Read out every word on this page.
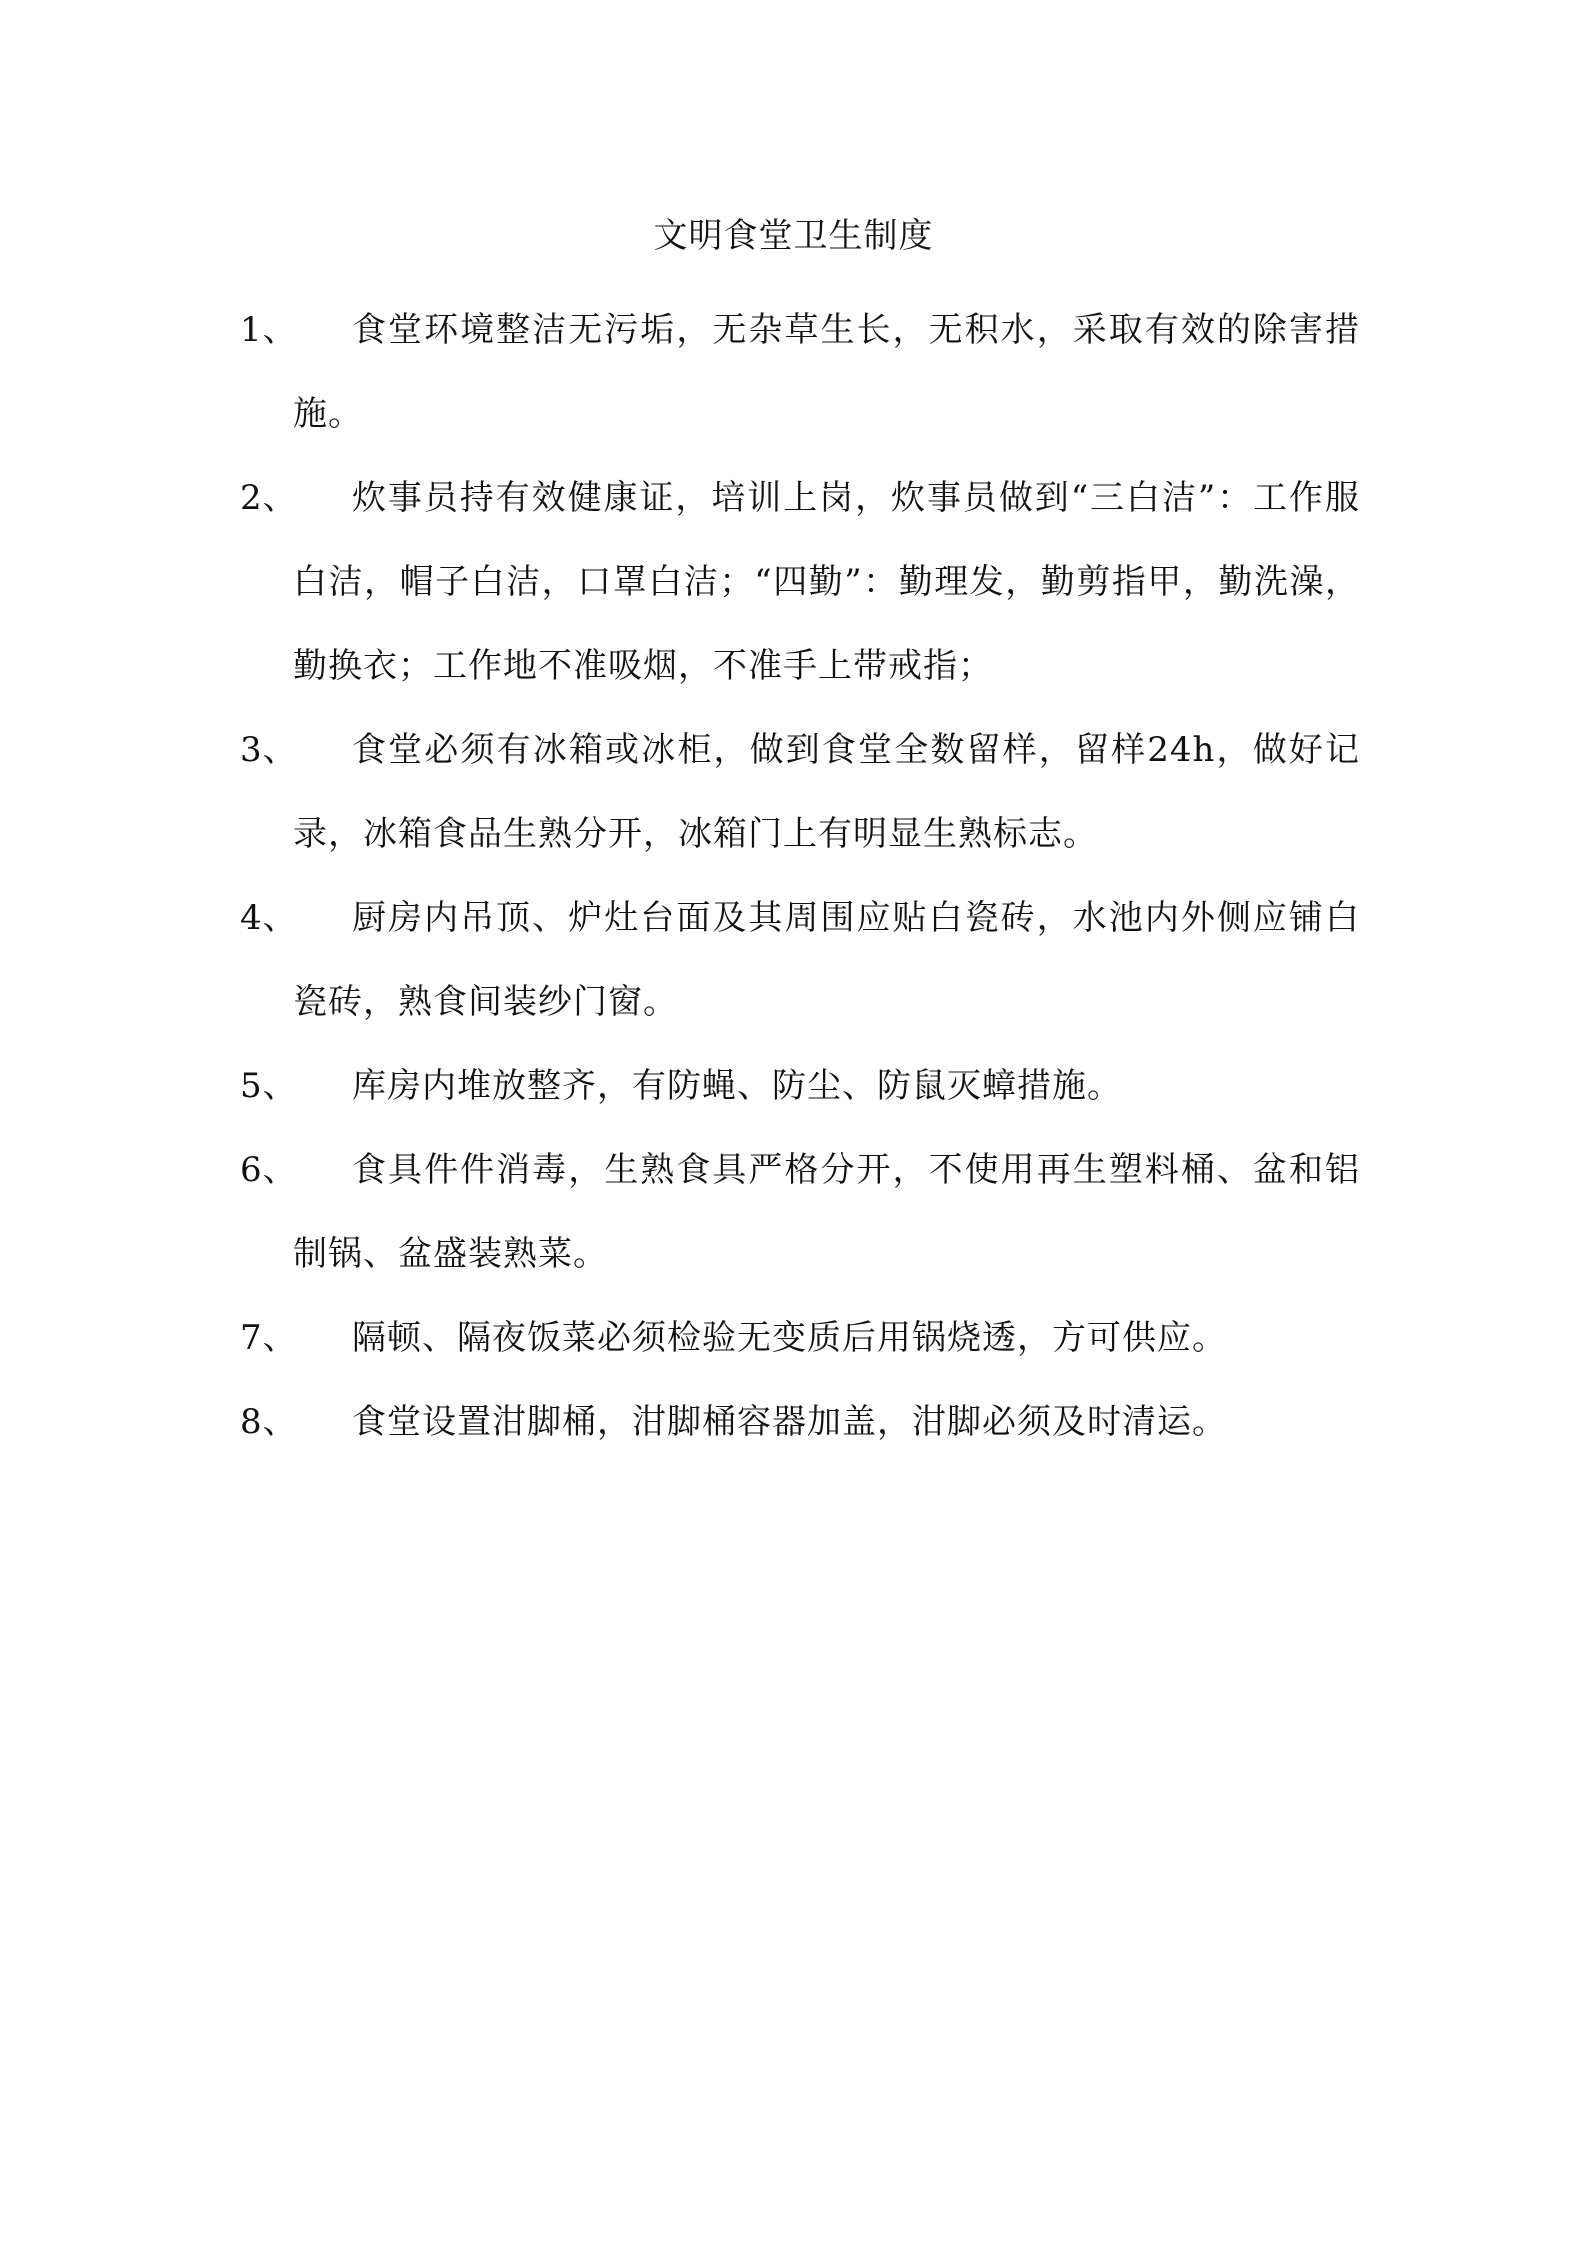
文明食堂卫生制度
1、	食堂环境整洁无污垢，无杂草生长，无积水，采取有效的除害措施。
2、	炊事员持有效健康证，培训上岗，炊事员做到“三白洁”：工作服白洁，帽子白洁，口罩白洁；“四勤”：勤理发，勤剪指甲，勤洗澡，勤换衣；工作地不准吸烟，不准手上带戒指；
3、	食堂必须有冰箱或冰柜，做到食堂全数留样，留样24h，做好记录，冰箱食品生熟分开，冰箱门上有明显生熟标志。
4、	厨房内吊顶、炉灶台面及其周围应贴白瓷砖，水池内外侧应铺白瓷砖，熟食间装纱门窗。
5、	库房内堆放整齐，有防蝇、防尘、防鼠灭蟑措施。
6、	食具件件消毒，生熟食具严格分开，不使用再生塑料桶、盆和铝制锅、盆盛装熟菜。
7、	隔顿、隔夜饭菜必须检验无变质后用锅烧透，方可供应。
8、	食堂设置泔脚桶，泔脚桶容器加盖，泔脚必须及时清运。
